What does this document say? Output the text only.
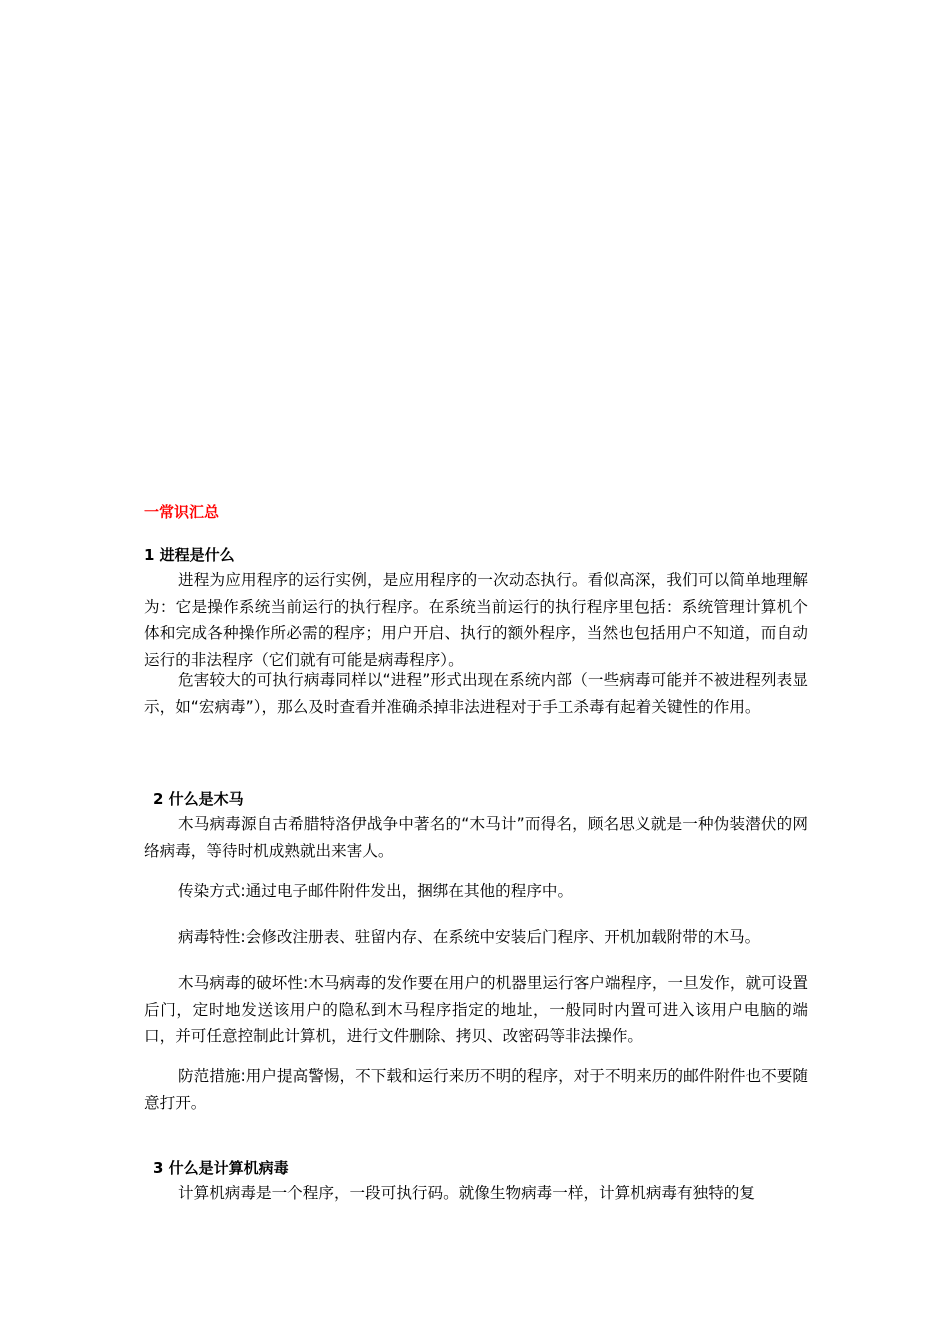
一常识汇总
1 进程是什么

进程为应用程序的运行实例，是应用程序的一次动态执行。看似高深，我们可以简单地理解为：它是操作系统当前运行的执行程序。在系统当前运行的执行程序里包括：系统管理计算机个体和完成各种操作所必需的程序；用户开启、执行的额外程序，当然也包括用户不知道，而自动运行的非法程序（它们就有可能是病毒程序）。

危害较大的可执行病毒同样以“进程”形式出现在系统内部（一些病毒可能并不被进程列表显示，如“宏病毒”），那么及时查看并准确杀掉非法进程对于手工杀毒有起着关键性的作用。

2 什么是木马

木马病毒源自古希腊特洛伊战争中著名的“木马计”而得名，顾名思义就是一种伪装潜伏的网络病毒，等待时机成熟就出来害人。

传染方式:通过电子邮件附件发出，捆绑在其他的程序中。

病毒特性:会修改注册表、驻留内存、在系统中安装后门程序、开机加载附带的木马。

木马病毒的破坏性:木马病毒的发作要在用户的机器里运行客户端程序，一旦发作，就可设置后门，定时地发送该用户的隐私到木马程序指定的地址，一般同时内置可进入该用户电脑的端口，并可任意控制此计算机，进行文件删除、拷贝、改密码等非法操作。

防范措施:用户提高警惕，不下载和运行来历不明的程序，对于不明来历的邮件附件也不要随意打开。

3 什么是计算机病毒

计算机病毒是一个程序，一段可执行码。就像生物病毒一样，计算机病毒有独特的复
